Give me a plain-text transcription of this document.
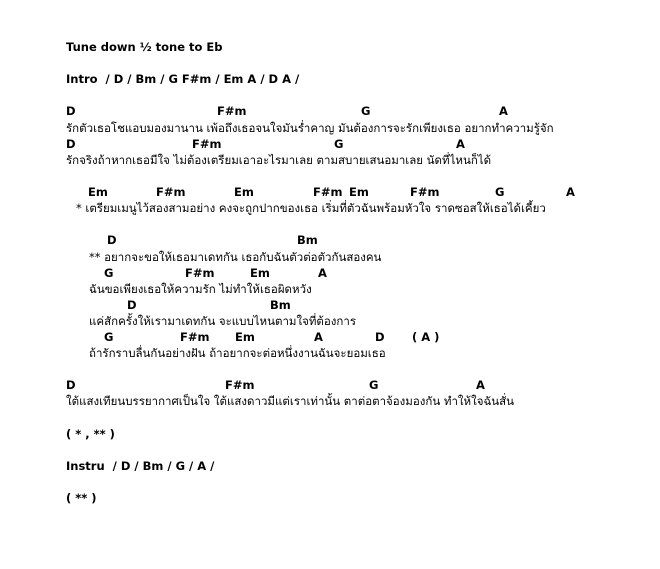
Tune down ½ tone to Eb
Intro  / D / Bm / G F#m / Em A / D A /
D	F#m	G	A
รักตัวเธอโชแอบมองมานาน เพ้อถึงเธอจนใจมันร่ำคาญ มันต้องการจะรักเพียงเธอ อยากทำความรู้จัก
D	F#m	G	A
รักจริงถ้าหากเธอมีใจ ไม่ต้องเตรียมเอาอะไรมาเลย ตามสบายเสนอมาเลย นัดที่ไหนก็ได้
Em	F#m	Em	F#m Em	F#m	G	A
* เตรียมเมนูไว้สองสามอย่าง คงจะถูกปากของเธอ เริ่มที่ตัวฉันพร้อมหัวใจ ราดซอสให้เธอได้เคี้ยว
D	Bm
** อยากจะขอให้เธอมาเดทกัน เธอกับฉันตัวต่อตัวกันสองคน
G	F#m	Em	A
ฉันขอเพียงเธอให้ความรัก ไม่ทำให้เธอผิดหวัง
D	Bm
แค่สักครั้งให้เรามาเดทกัน จะแบบไหนตามใจที่ต้องการ
G	F#m Em	A	D ( A )
ถ้ารักราบลื่นกันอย่างฝัน ถ้าอยากจะต่อหนึ่งงานฉันจะยอมเธอ
D	F#m	G	A
ใต้แสงเทียนบรรยากาศเป็นใจ ใต้แสงดาวมีแต่เราเท่านั้น ตาต่อตาจ้องมองกัน ทำให้ใจฉันสั่น
( * , ** )
Instru  / D / Bm / G / A /
( ** )
